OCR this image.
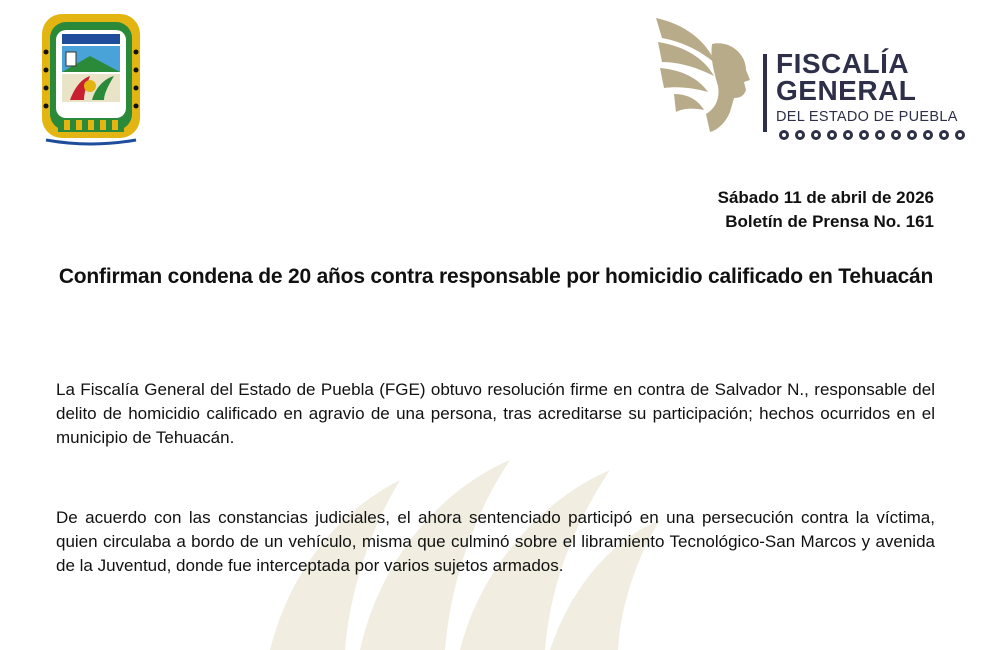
FISCALÍA
GENERAL
DEL ESTADO DE PUEBLA
Sábado 11 de abril de 2026
Boletín de Prensa No. 161
Confirman condena de 20 años contra responsable por homicidio calificado en Tehuacán

La Fiscalía General del Estado de Puebla (FGE) obtuvo resolución firme en contra de Salvador N., responsable del delito de homicidio calificado en agravio de una persona, tras acreditarse su participación; hechos ocurridos en el municipio de Tehuacán.

De acuerdo con las constancias judiciales, el ahora sentenciado participó en una persecución contra la víctima, quien circulaba a bordo de un vehículo, misma que culminó sobre el libramiento Tecnológico-San Marcos y avenida de la Juventud, donde fue interceptada por varios sujetos armados.
